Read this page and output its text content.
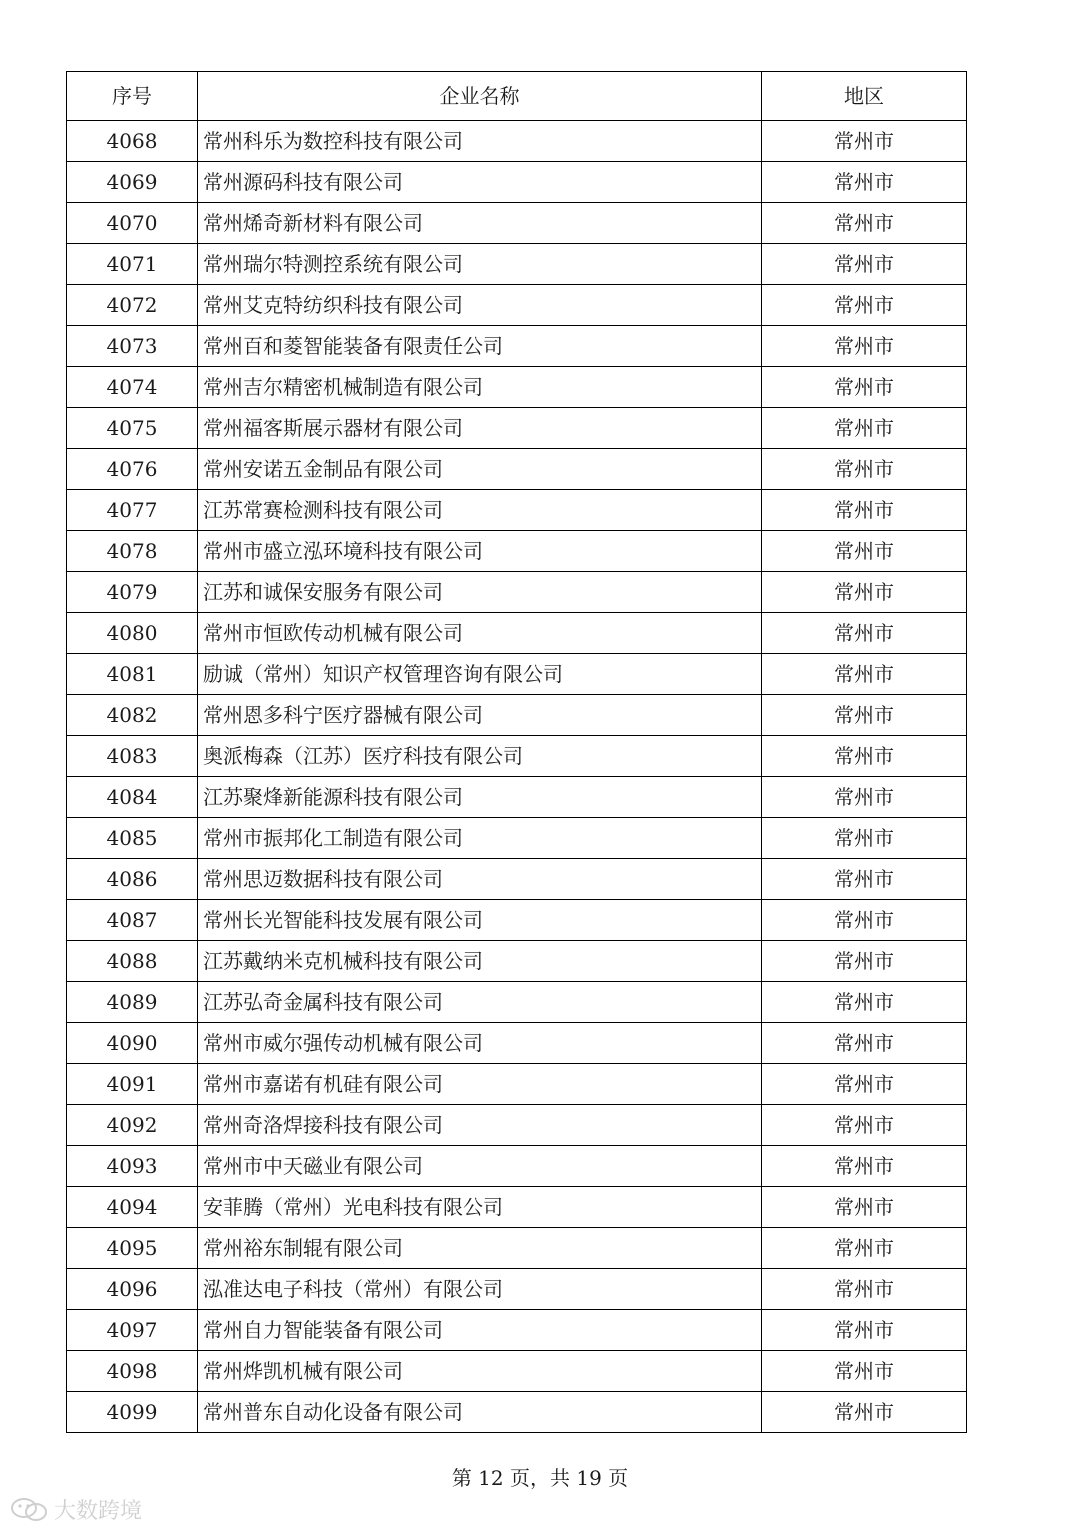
序号	企业名称	地区
4068	常州科乐为数控科技有限公司	常州市
4069	常州源码科技有限公司	常州市
4070	常州烯奇新材料有限公司	常州市
4071	常州瑞尔特测控系统有限公司	常州市
4072	常州艾克特纺织科技有限公司	常州市
4073	常州百和菱智能装备有限责任公司	常州市
4074	常州吉尔精密机械制造有限公司	常州市
4075	常州福客斯展示器材有限公司	常州市
4076	常州安诺五金制品有限公司	常州市
4077	江苏常赛检测科技有限公司	常州市
4078	常州市盛立泓环境科技有限公司	常州市
4079	江苏和诚保安服务有限公司	常州市
4080	常州市恒欧传动机械有限公司	常州市
4081	励诚（常州）知识产权管理咨询有限公司	常州市
4082	常州恩多科宁医疗器械有限公司	常州市
4083	奥派梅森（江苏）医疗科技有限公司	常州市
4084	江苏聚烽新能源科技有限公司	常州市
4085	常州市振邦化工制造有限公司	常州市
4086	常州思迈数据科技有限公司	常州市
4087	常州长光智能科技发展有限公司	常州市
4088	江苏戴纳米克机械科技有限公司	常州市
4089	江苏弘奇金属科技有限公司	常州市
4090	常州市威尔强传动机械有限公司	常州市
4091	常州市嘉诺有机硅有限公司	常州市
4092	常州奇洛焊接科技有限公司	常州市
4093	常州市中天磁业有限公司	常州市
4094	安菲腾（常州）光电科技有限公司	常州市
4095	常州裕东制辊有限公司	常州市
4096	泓准达电子科技（常州）有限公司	常州市
4097	常州自力智能装备有限公司	常州市
4098	常州烨凯机械有限公司	常州市
4099	常州普东自动化设备有限公司	常州市
第 12 页，共 19 页
大数跨境
